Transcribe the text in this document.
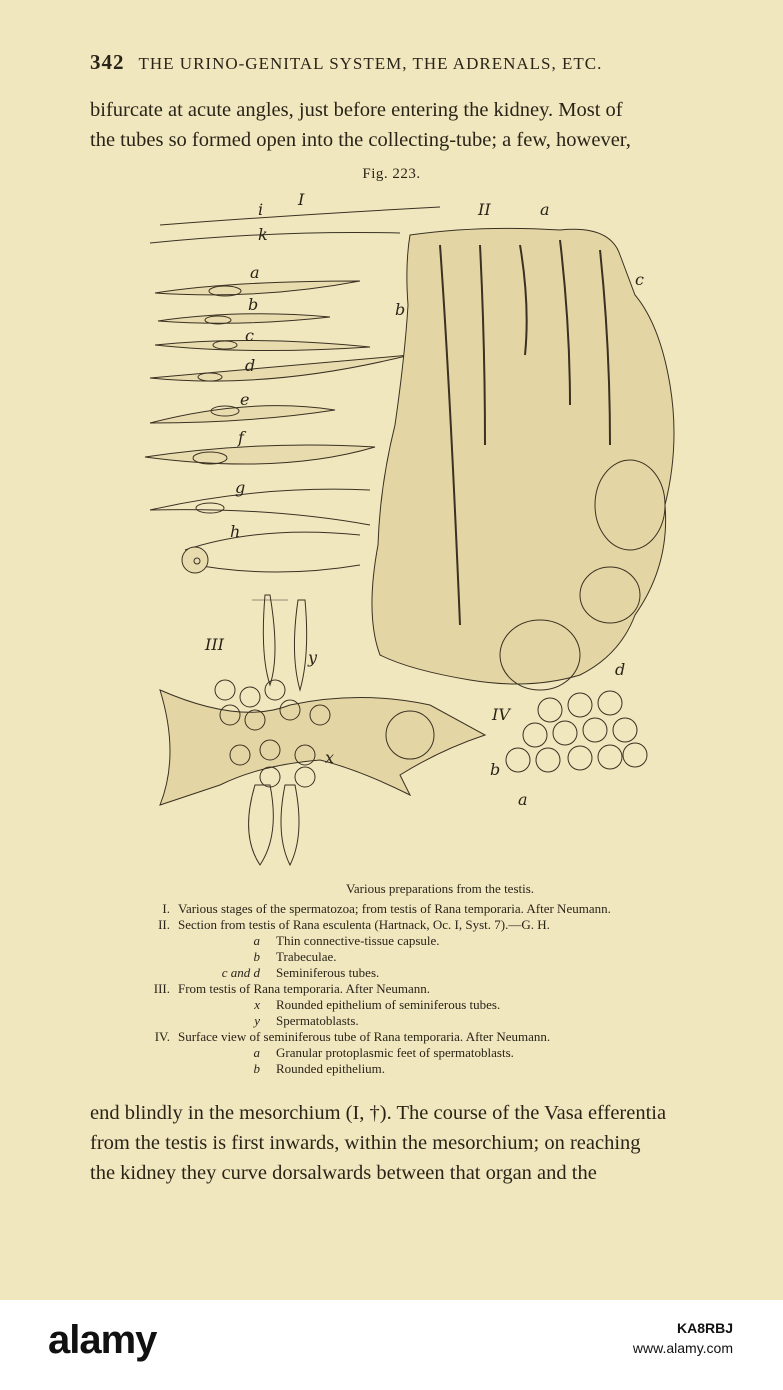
342 THE URINO-GENITAL SYSTEM, THE ADRENALS, ETC.
bifurcate at acute angles, just before entering the kidney. Most of
the tubes so formed open into the collecting-tube; a few, however,
Fig. 223.
I
II
III
IV
i
k
a
b
c
d
e
f
g
h
a
b
c
d
y
x
a
b
Various preparations from the testis.
I. Various stages of the spermatozoa; from testis of Rana temporaria. After Neumann.
II. Section from testis of Rana esculenta (Hartnack, Oc. I, Syst. 7).—G. H.
a Thin connective-tissue capsule.
b Trabeculae.
c and d Seminiferous tubes.
III. From testis of Rana temporaria. After Neumann.
x Rounded epithelium of seminiferous tubes.
y Spermatoblasts.
IV. Surface view of seminiferous tube of Rana temporaria. After Neumann.
a Granular protoplasmic feet of spermatoblasts.
b Rounded epithelium.
end blindly in the mesorchium (I, †). The course of the Vasa efferentia
from the testis is first inwards, within the mesorchium; on reaching
the kidney they curve dorsalwards between that organ and the
alamy	KA8RBJ
www.alamy.com
